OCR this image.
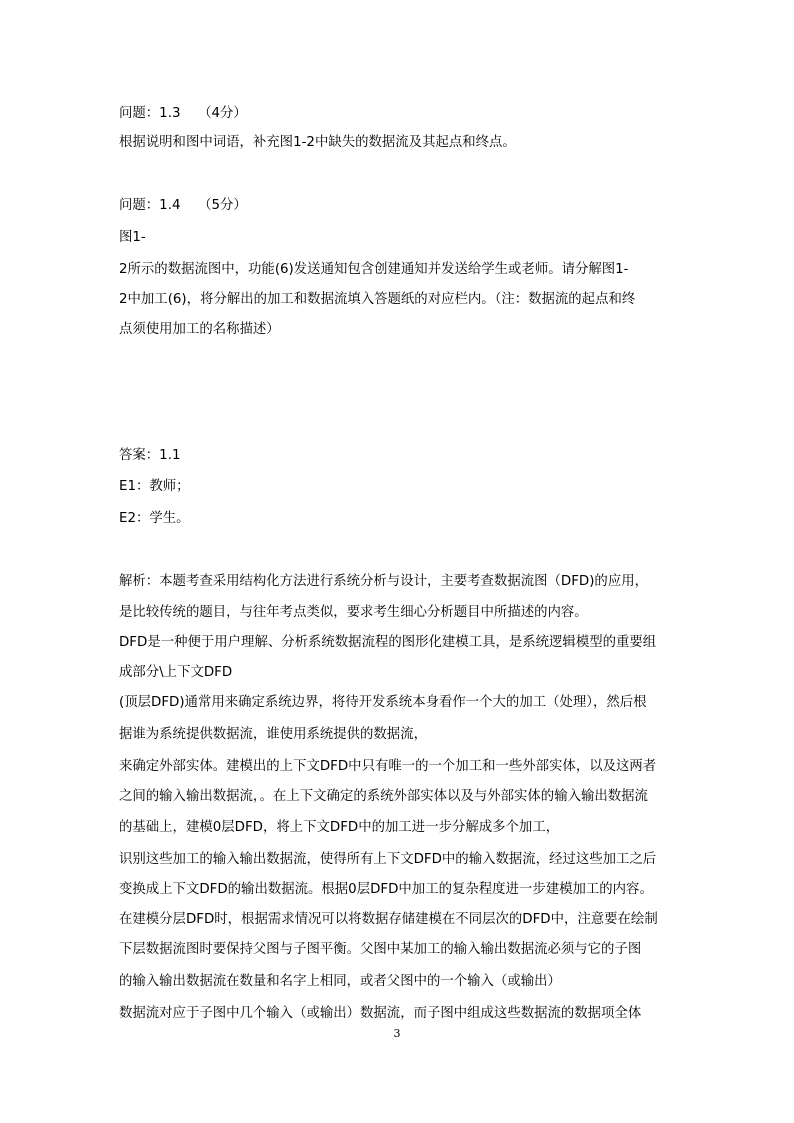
问题：1.3　 （4分）
根据说明和图中词语，补充图1-2中缺失的数据流及其起点和终点。
问题：1.4　 （5分）
图1-
2所示的数据流图中，功能(6)发送通知包含创建通知并发送给学生或老师。请分解图1-
2中加工(6)，将分解出的加工和数据流填入答题纸的对应栏内。（注：数据流的起点和终
点须使用加工的名称描述）
答案：1.1
E1：教师；
E2：学生。
解析：本题考查采用结构化方法进行系统分析与设计，主要考查数据流图（DFD)的应用，
是比较传统的题目，与往年考点类似，要求考生细心分析题目中所描述的内容。
DFD是一种便于用户理解、分析系统数据流程的图形化建模工具，是系统逻辑模型的重要组
成部分\上下文DFD
(顶层DFD)通常用来确定系统边界，将待开发系统本身看作一个大的加工（处理），然后根
据谁为系统提供数据流，谁使用系统提供的数据流，
来确定外部实体。建模出的上下文DFD中只有唯一的一个加工和一些外部实体，以及这两者
之间的输入输出数据流，。在上下文确定的系统外部实体以及与外部实体的输入输出数据流
的基础上，建模0层DFD，将上下文DFD中的加工进一步分解成多个加工，
识别这些加工的输入输出数据流，使得所有上下文DFD中的输入数据流，经过这些加工之后
变换成上下文DFD的输出数据流。根据0层DFD中加工的复杂程度进一步建模加工的内容。
在建模分层DFD时，根据需求情况可以将数据存储建模在不同层次的DFD中，注意要在绘制
下层数据流图时要保持父图与子图平衡。父图中某加工的输入输出数据流必须与它的子图
的输入输出数据流在数量和名字上相同，或者父图中的一个输入（或输出）
数据流对应于子图中几个输入（或输出）数据流，而子图中组成这些数据流的数据项全体
3
